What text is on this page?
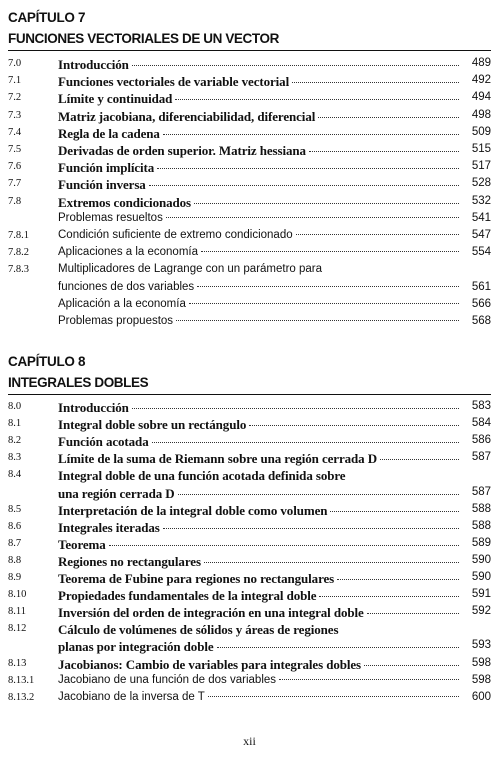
CAPÍTULO 7
FUNCIONES VECTORIALES DE UN VECTOR
7.0	Introducción	489
7.1	Funciones vectoriales de variable vectorial	492
7.2	Límite y continuidad	494
7.3	Matriz jacobiana, diferenciabilidad, diferencial	498
7.4	Regla de la cadena	509
7.5	Derivadas de orden superior. Matriz hessiana	515
7.6	Función implícita	517
7.7	Función inversa	528
7.8	Extremos condicionados	532
Problemas resueltos	541
7.8.1	Condición suficiente de extremo condicionado	547
7.8.2	Aplicaciones a la economía	554
7.8.3	Multiplicadores de Lagrange con un parámetro para
funciones de dos variables	561
Aplicación a la economía	566
Problemas propuestos	568
CAPÍTULO 8
INTEGRALES DOBLES
8.0	Introducción	583
8.1	Integral doble sobre un rectángulo	584
8.2	Función acotada	586
8.3	Límite de la suma de Riemann sobre una región cerrada D	587
8.4	Integral doble de una función acotada definida sobre
una región cerrada D	587
8.5	Interpretación de la integral doble como volumen	588
8.6	Integrales iteradas	588
8.7	Teorema	589
8.8	Regiones no rectangulares	590
8.9	Teorema de Fubine para regiones no rectangulares	590
8.10	Propiedades fundamentales de la integral doble	591
8.11	Inversión del orden de integración en una integral doble	592
8.12	Cálculo de volúmenes de sólidos y áreas de regiones
planas por integración doble	593
8.13	Jacobianos: Cambio de variables para integrales dobles	598
8.13.1	Jacobiano de una función de dos variables	598
8.13.2	Jacobiano de la inversa de T	600
xii
